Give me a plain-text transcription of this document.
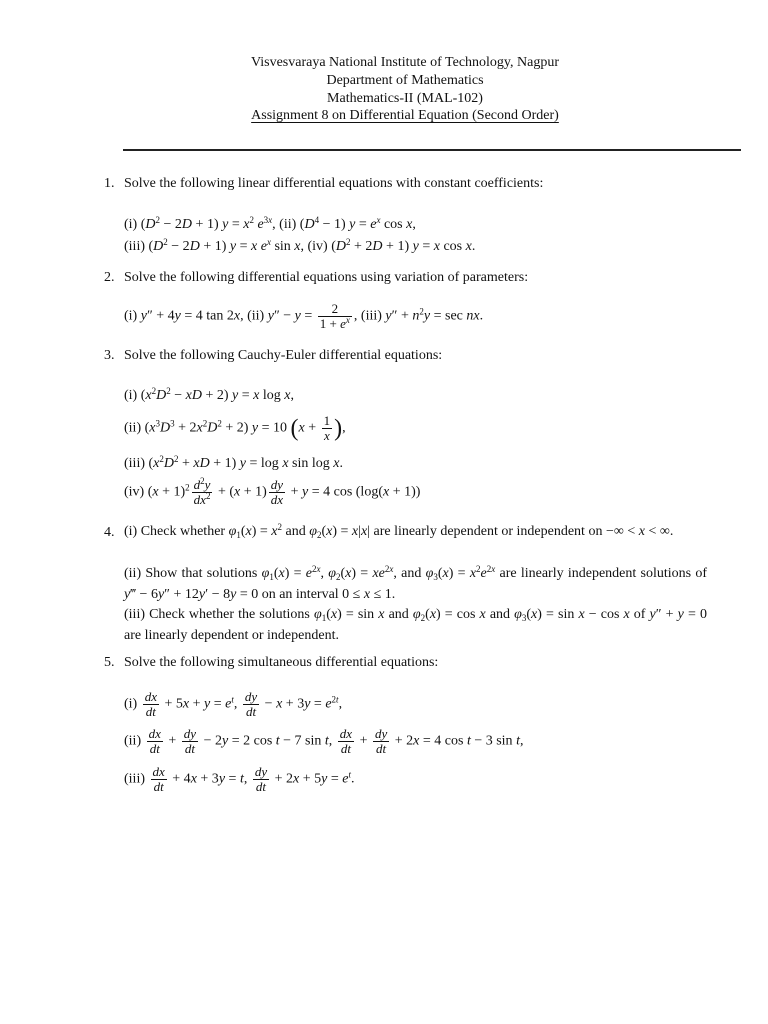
Visvesvaraya National Institute of Technology, Nagpur
Department of Mathematics
Mathematics-II (MAL-102)
Assignment 8 on Differential Equation (Second Order)
1. Solve the following linear differential equations with constant coefficients:
(i) $(D^2 - 2D + 1) y = x^2$ $e^{3x}$, (ii) $(D^4 - 1) y = e^x$ cos x,
(iii) $(D^2 - 2D + 1) y = x$ $e^x$ sin x, (iv) $(D^2 + 2D + 1) y = x$ cos x.
2. Solve the following differential equations using variation of parameters:
(i) y″ + 4y = 4 tan 2x, (ii) $y'' - y = \frac{2}{1 + e^x}$ , (iii) $y'' + n^2y = \sec$ nx.
3. Solve the following Cauchy-Euler differential equations:
(i) ($x^2D^2$ − xD + 2) y = x log x,
(ii) $(x^3D^3 + 2x^2D^2 + 2) y = 10$ ($x + \frac{1}{x}$ ),
(iii) ($x^2D^2$ + xD + 1) y = log x sin log x.
(iv) $(x + 1)^2 \frac{d^2y}{dx^2} + (x + 1) \frac{dy}{dx} + y = 4$ cos (log(x + 1))
4. (i) Check whether $\varphi_1(x) = x^2$ and $\varphi_2(x) = x|x|$ are linearly dependent or independent on −∞ < x < ∞.
(ii) Show that solutions $\varphi_1(x) = e^{2x}$, $\varphi_2(x) = xe^{2x}$, and $\varphi_3(x) = x^2e^{2x}$ are linearly independent solutions of y‴ − 6y″ + 12y′ − 8y = 0 on an interval 0 ≤ x ≤ 1.
(iii) Check whether the solutions $\varphi_1(x) = \sin x$ and $\varphi_2(x) = \cos x$ and $\varphi_3(x) = \sin x - \cos x$ of y″ + y = 0 are linearly dependent or independent.
5. Solve the following simultaneous differential equations:
$(i) \frac{dx}{dt} + 5x + y = e^t$, $\frac{dy}{dt} - x + 3y = e^{2t}$,
$(ii) \frac{dx}{dt} + \frac{dy}{dt} - 2y = 2$ cos t − 7 sin t, $\frac{dx}{dt} + \frac{dy}{dt} + 2x = 4$ cos t − 3 sin t,
$(iii) \frac{dx}{dt} + 4x + 3y = t$, $\frac{dy}{dt} + 2x + 5y = e^t$.
